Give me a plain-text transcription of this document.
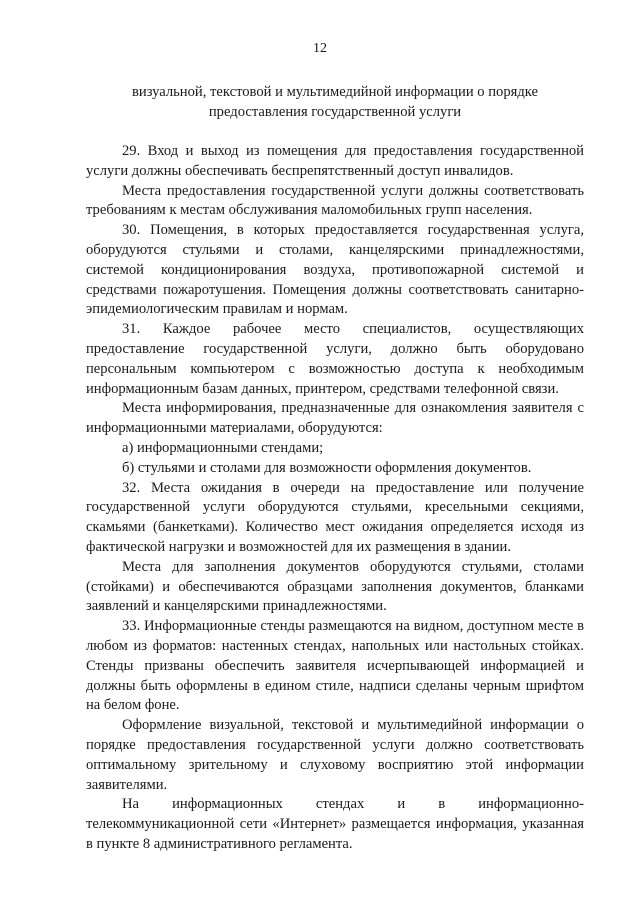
12
визуальной, текстовой и мультимедийной информации о порядке
предоставления государственной услуги

29. Вход и выход из помещения для предоставления государственной услуги должны обеспечивать беспрепятственный доступ инвалидов.

Места предоставления государственной услуги должны соответствовать требованиям к местам обслуживания маломобильных групп населения.

30. Помещения, в которых предоставляется государственная услуга, оборудуются стульями и столами, канцелярскими принадлежностями, системой кондиционирования воздуха, противопожарной системой и средствами пожаротушения. Помещения должны соответствовать санитарно-эпидемиологическим правилам и нормам.

31. Каждое рабочее место специалистов, осуществляющих предоставление государственной услуги, должно быть оборудовано персональным компьютером с возможностью доступа к необходимым информационным базам данных, принтером, средствами телефонной связи.

Места информирования, предназначенные для ознакомления заявителя с информационными материалами, оборудуются:

а) информационными стендами;

б) стульями и столами для возможности оформления документов.

32. Места ожидания в очереди на предоставление или получение государственной услуги оборудуются стульями, кресельными секциями, скамьями (банкетками). Количество мест ожидания определяется исходя из фактической нагрузки и возможностей для их размещения в здании.

Места для заполнения документов оборудуются стульями, столами (стойками) и обеспечиваются образцами заполнения документов, бланками заявлений и канцелярскими принадлежностями.

33. Информационные стенды размещаются на видном, доступном месте в любом из форматов: настенных стендах, напольных или настольных стойках. Стенды призваны обеспечить заявителя исчерпывающей информацией и должны быть оформлены в едином стиле, надписи сделаны черным шрифтом на белом фоне.

Оформление визуальной, текстовой и мультимедийной информации о порядке предоставления государственной услуги должно соответствовать оптимальному зрительному и слуховому восприятию этой информации заявителями.

На информационных стендах и в информационно-телекоммуникационной сети «Интернет» размещается информация, указанная в пункте 8 административного регламента.
